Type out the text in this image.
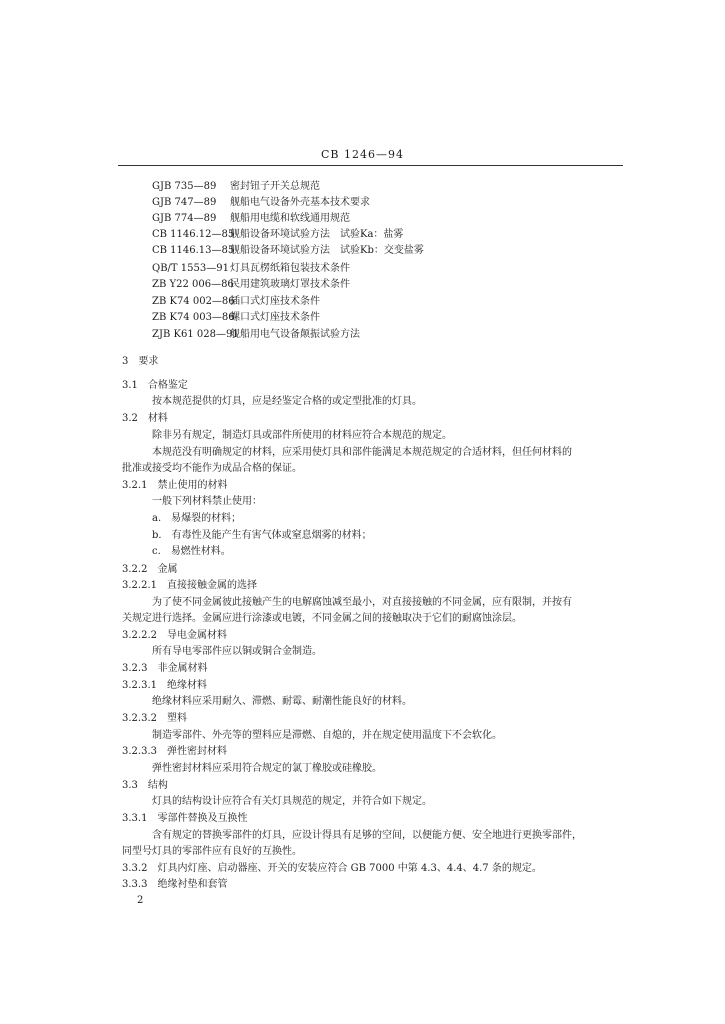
CB 1246—94
GJB 735—89 密封钮子开关总规范
GJB 747—89 舰船电气设备外壳基本技术要求
GJB 774—89 舰船用电缆和软线通用规范
CB 1146.12—85舰船设备环境试验方法　试验Ka：盐雾
CB 1146.13—85舰船设备环境试验方法　试验Kb：交变盐雾
QB/T 1553—91灯具瓦楞纸箱包装技术条件
ZB Y22 006—86民用建筑玻璃灯罩技术条件
ZB K74 002—86插口式灯座技术条件
ZB K74 003—86螺口式灯座技术条件
ZJB K61 028—91舰船用电气设备颠振试验方法
3　要求
3.1　合格鉴定
按本规范提供的灯具，应是经鉴定合格的或定型批准的灯具。
3.2　材料
除非另有规定，制造灯具或部件所使用的材料应符合本规范的规定。
本规范没有明确规定的材料，应采用使灯具和部件能满足本规范规定的合适材料，但任何材料的
批准或接受均不能作为成品合格的保证。
3.2.1　禁止使用的材料
一般下列材料禁止使用：
a.　易爆裂的材料；
b.　有毒性及能产生有害气体或窒息烟雾的材料；
c.　易燃性材料。
3.2.2　金属
3.2.2.1　直接接触金属的选择
为了使不同金属彼此接触产生的电解腐蚀减至最小，对直接接触的不同金属，应有限制，并按有
关规定进行选择。金属应进行涂漆或电镀，不同金属之间的接触取决于它们的耐腐蚀涂层。
3.2.2.2　导电金属材料
所有导电零部件应以铜或铜合金制造。
3.2.3　非金属材料
3.2.3.1　绝缘材料
绝缘材料应采用耐久、滞燃、耐霉、耐潮性能良好的材料。
3.2.3.2　塑料
制造零部件、外壳等的塑料应是滞燃、自熄的，并在规定使用温度下不会软化。
3.2.3.3　弹性密封材料
弹性密封材料应采用符合规定的氯丁橡胶或硅橡胶。
3.3　结构
灯具的结构设计应符合有关灯具规范的规定，并符合如下规定。
3.3.1　零部件替换及互换性
含有规定的替换零部件的灯具，应设计得具有足够的空间，以便能方便、安全地进行更换零部件，
同型号灯具的零部件应有良好的互换性。
3.3.2　灯具内灯座、启动器座、开关的安装应符合 GB 7000 中第 4.3、4.4、4.7 条的规定。
3.3.3　绝缘衬垫和套管
2
